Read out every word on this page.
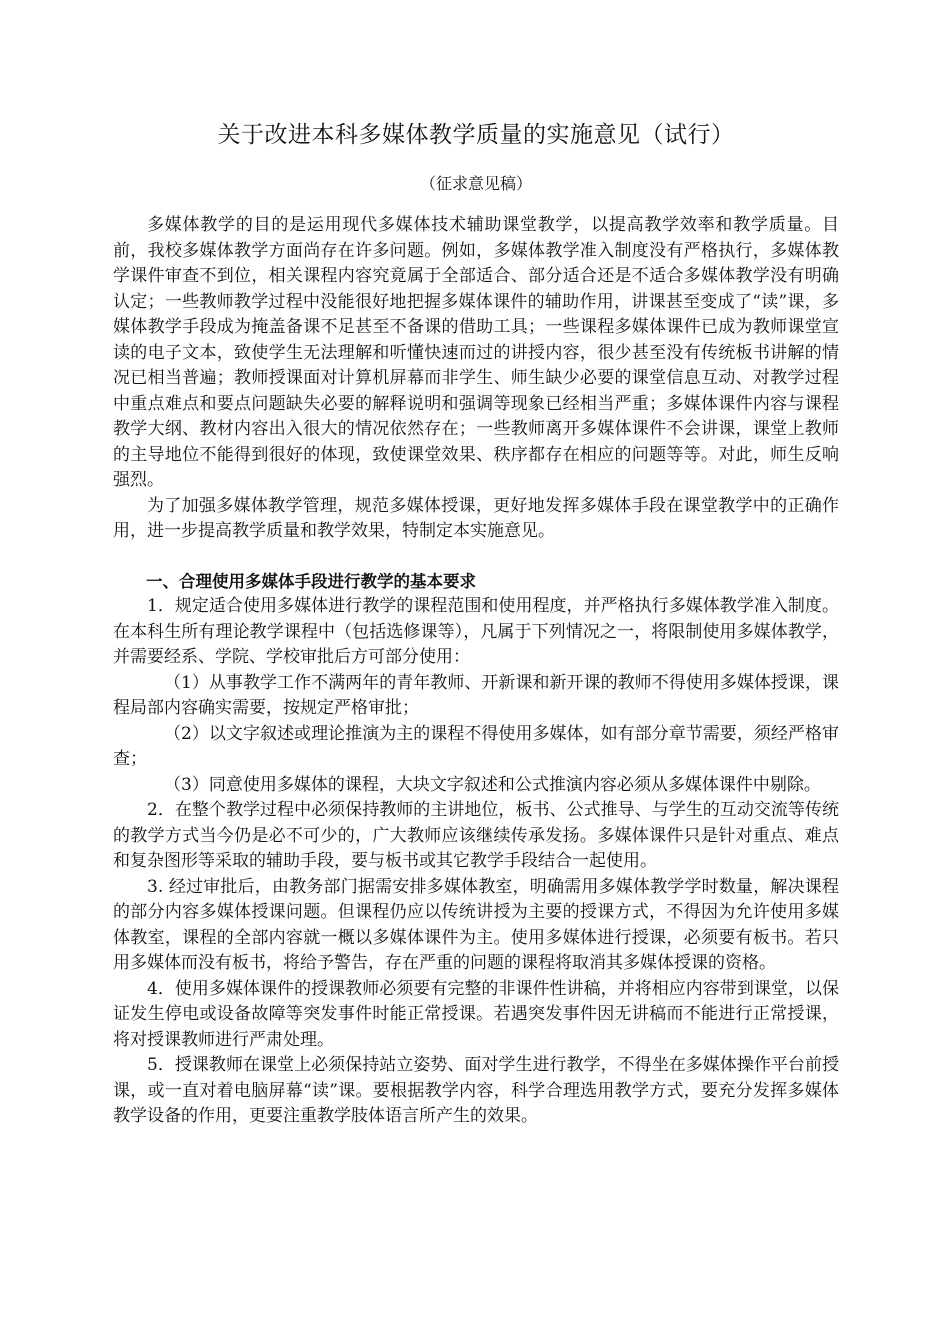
关于改进本科多媒体教学质量的实施意见（试行）
（征求意见稿）

多媒体教学的目的是运用现代多媒体技术辅助课堂教学，以提高教学效率和教学质量。目前，我校多媒体教学方面尚存在许多问题。例如，多媒体教学准入制度没有严格执行，多媒体教学课件审查不到位，相关课程内容究竟属于全部适合、部分适合还是不适合多媒体教学没有明确认定；一些教师教学过程中没能很好地把握多媒体课件的辅助作用，讲课甚至变成了“读”课，多媒体教学手段成为掩盖备课不足甚至不备课的借助工具；一些课程多媒体课件已成为教师课堂宣读的电子文本，致使学生无法理解和听懂快速而过的讲授内容，很少甚至没有传统板书讲解的情况已相当普遍；教师授课面对计算机屏幕而非学生、师生缺少必要的课堂信息互动、对教学过程中重点难点和要点问题缺失必要的解释说明和强调等现象已经相当严重；多媒体课件内容与课程教学大纲、教材内容出入很大的情况依然存在；一些教师离开多媒体课件不会讲课，课堂上教师的主导地位不能得到很好的体现，致使课堂效果、秩序都存在相应的问题等等。对此，师生反响强烈。

为了加强多媒体教学管理，规范多媒体授课，更好地发挥多媒体手段在课堂教学中的正确作用，进一步提高教学质量和教学效果，特制定本实施意见。

一、合理使用多媒体手段进行教学的基本要求

1．规定适合使用多媒体进行教学的课程范围和使用程度，并严格执行多媒体教学准入制度。在本科生所有理论教学课程中（包括选修课等），凡属于下列情况之一，将限制使用多媒体教学，并需要经系、学院、学校审批后方可部分使用：

（1）从事教学工作不满两年的青年教师、开新课和新开课的教师不得使用多媒体授课，课程局部内容确实需要，按规定严格审批；

（2）以文字叙述或理论推演为主的课程不得使用多媒体，如有部分章节需要，须经严格审查；

（3）同意使用多媒体的课程，大块文字叙述和公式推演内容必须从多媒体课件中剔除。

2．在整个教学过程中必须保持教师的主讲地位，板书、公式推导、与学生的互动交流等传统的教学方式当今仍是必不可少的，广大教师应该继续传承发扬。多媒体课件只是针对重点、难点和复杂图形等采取的辅助手段，要与板书或其它教学手段结合一起使用。

3. 经过审批后，由教务部门据需安排多媒体教室，明确需用多媒体教学学时数量，解决课程的部分内容多媒体授课问题。但课程仍应以传统讲授为主要的授课方式，不得因为允许使用多媒体教室，课程的全部内容就一概以多媒体课件为主。使用多媒体进行授课，必须要有板书。若只用多媒体而没有板书，将给予警告，存在严重的问题的课程将取消其多媒体授课的资格。

4．使用多媒体课件的授课教师必须要有完整的非课件性讲稿，并将相应内容带到课堂，以保证发生停电或设备故障等突发事件时能正常授课。若遇突发事件因无讲稿而不能进行正常授课，将对授课教师进行严肃处理。

5．授课教师在课堂上必须保持站立姿势、面对学生进行教学，不得坐在多媒体操作平台前授课，或一直对着电脑屏幕“读”课。要根据教学内容，科学合理选用教学方式，要充分发挥多媒体教学设备的作用，更要注重教学肢体语言所产生的效果。
